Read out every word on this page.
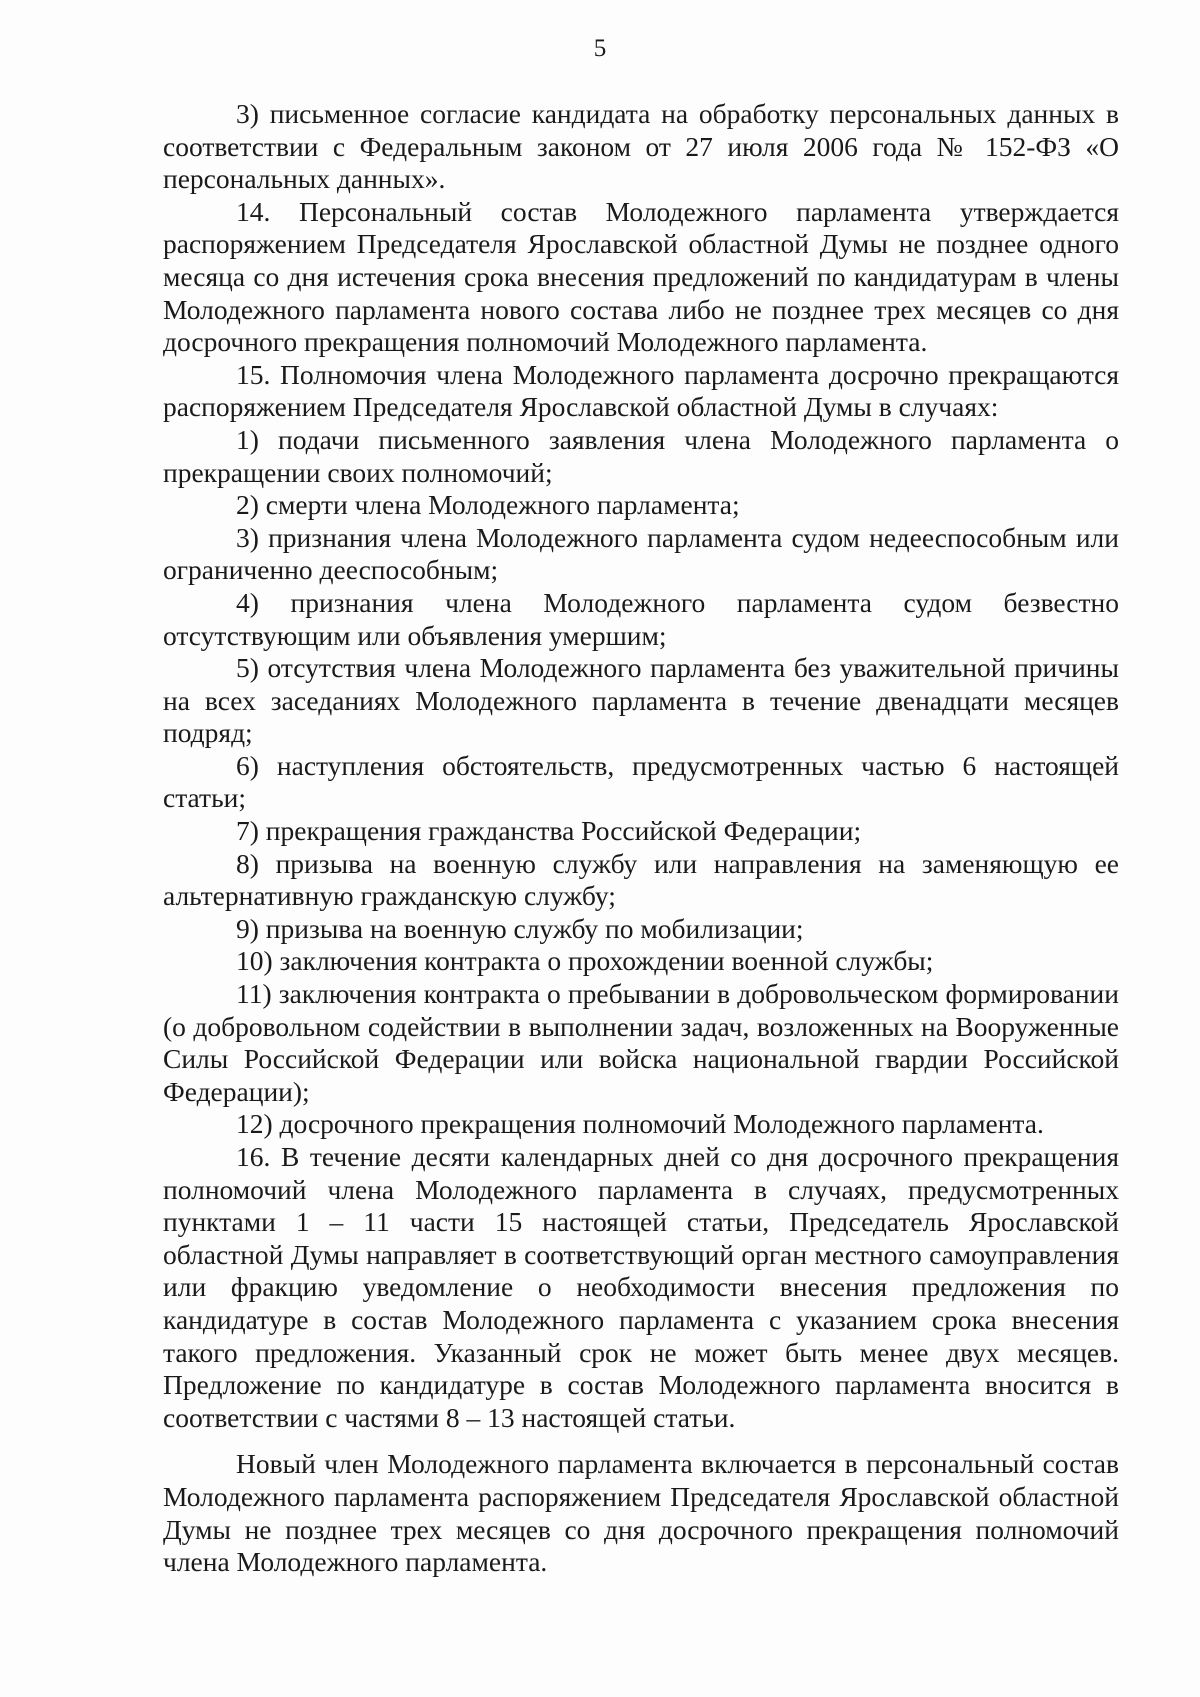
5

3) письменное согласие кандидата на обработку персональных данных в соответствии с Федеральным законом от 27 июля 2006 года № 152-ФЗ «О персональных данных».

14. Персональный состав Молодежного парламента утверждается распоряжением Председателя Ярославской областной Думы не позднее одного месяца со дня истечения срока внесения предложений по кандидатурам в члены Молодежного парламента нового состава либо не позднее трех месяцев со дня досрочного прекращения полномочий Молодежного парламента.

15. Полномочия члена Молодежного парламента досрочно прекращаются распоряжением Председателя Ярославской областной Думы в случаях:

1) подачи письменного заявления члена Молодежного парламента о прекращении своих полномочий;

2) смерти члена Молодежного парламента;

3) признания члена Молодежного парламента судом недееспособным или ограниченно дееспособным;

4) признания члена Молодежного парламента судом безвестно отсутствующим или объявления умершим;

5) отсутствия члена Молодежного парламента без уважительной причины на всех заседаниях Молодежного парламента в течение двенадцати месяцев подряд;

6) наступления обстоятельств, предусмотренных частью 6 настоящей статьи;

7) прекращения гражданства Российской Федерации;

8) призыва на военную службу или направления на заменяющую ее альтернативную гражданскую службу;

9) призыва на военную службу по мобилизации;

10) заключения контракта о прохождении военной службы;

11) заключения контракта о пребывании в добровольческом формировании (о добровольном содействии в выполнении задач, возложенных на Вооруженные Силы Российской Федерации или войска национальной гвардии Российской Федерации);

12) досрочного прекращения полномочий Молодежного парламента.

16. В течение десяти календарных дней со дня досрочного прекращения полномочий члена Молодежного парламента в случаях, предусмотренных пунктами 1 – 11 части 15 настоящей статьи, Председатель Ярославской областной Думы направляет в соответствующий орган местного самоуправления или фракцию уведомление о необходимости внесения предложения по кандидатуре в состав Молодежного парламента с указанием срока внесения такого предложения. Указанный срок не может быть менее двух месяцев. Предложение по кандидатуре в состав Молодежного парламента вносится в соответствии с частями 8 – 13 настоящей статьи.

Новый член Молодежного парламента включается в персональный состав Молодежного парламента распоряжением Председателя Ярославской областной Думы не позднее трех месяцев со дня досрочного прекращения полномочий члена Молодежного парламента.
